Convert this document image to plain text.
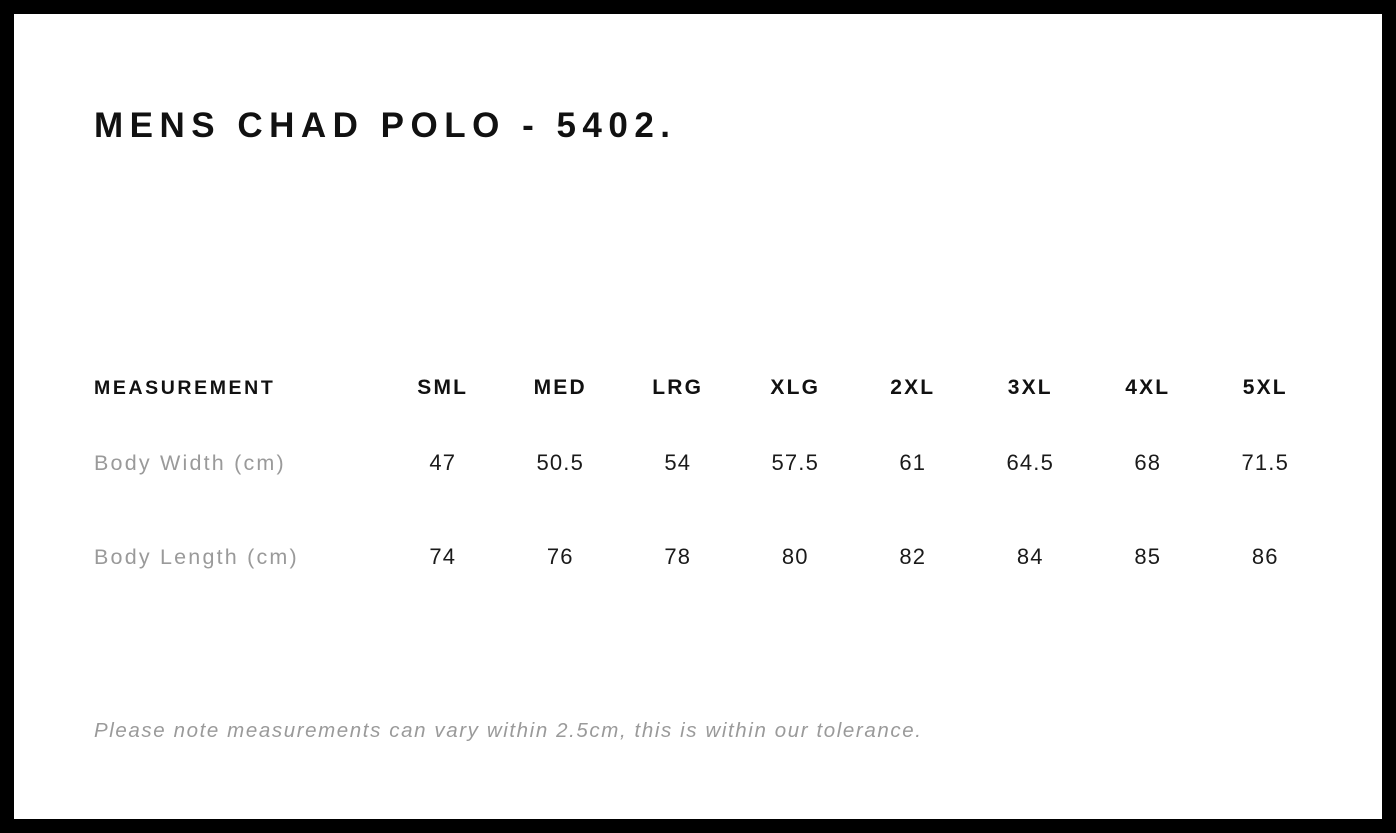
MENS CHAD POLO - 5402.

MEASUREMENT	SML	MED	LRG	XLG	2XL	3XL	4XL	5XL
Body Width (cm)	47	50.5	54	57.5	61	64.5	68	71.5
Body Length (cm)	74	76	78	80	82	84	85	86

Please note measurements can vary within 2.5cm, this is within our tolerance.
